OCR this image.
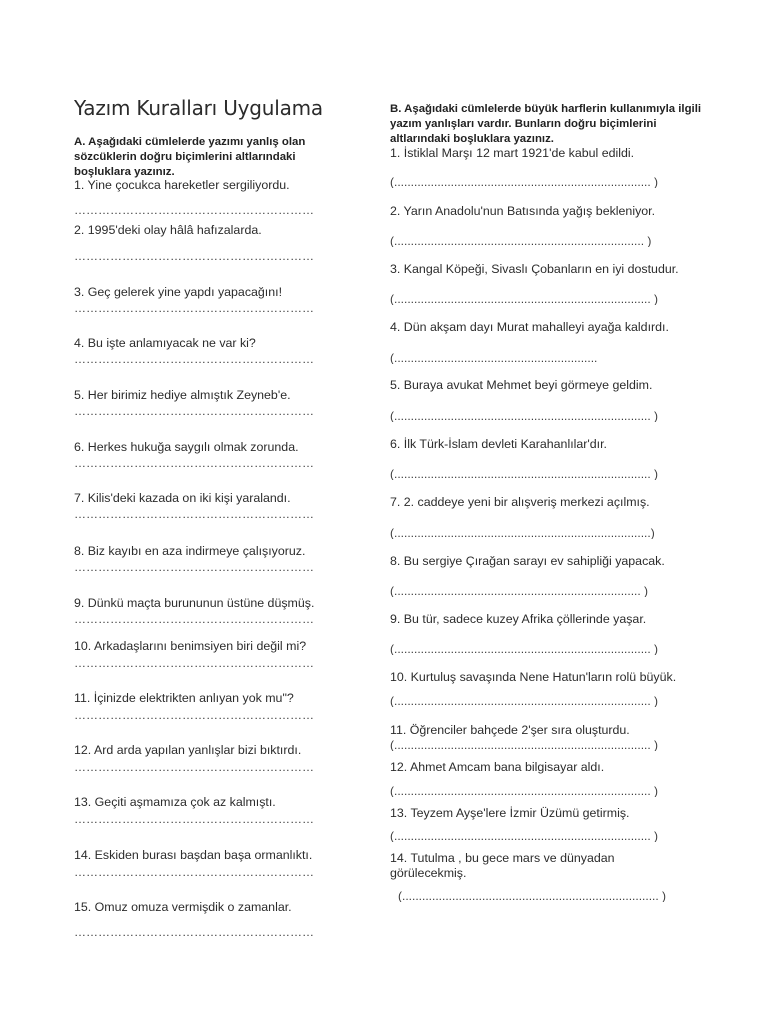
Yazım Kuralları Uygulama

A. Aşağıdaki cümlelerde yazımı yanlış olan sözcüklerin doğru biçimlerini altlarındaki boşluklara yazınız.

1. Yine çocukca hareketler sergiliyordu.
……………………………………………………
2. 1995'deki olay hâlâ hafızalarda.
……………………………………………………
3. Geç gelerek yine yapdı yapacağını!
……………………………………………………
4. Bu işte anlamıyacak ne var ki?
……………………………………………………
5. Her birimiz hediye almıştık Zeyneb'e.
……………………………………………………
6. Herkes hukuğa saygılı olmak zorunda.
……………………………………………………
7. Kilis'deki kazada on iki kişi yaralandı.
……………………………………………………
8. Biz kayıbı en aza indirmeye çalışıyoruz.
……………………………………………………
9. Dünkü maçta burununun üstüne düşmüş.
……………………………………………………
10. Arkadaşlarını benimsiyen biri değil mi?
……………………………………………………
11. İçinizde elektrikten anlıyan yok mu"?
……………………………………………………
12. Ard arda yapılan yanlışlar bizi bıktırdı.
……………………………………………………
13. Geçiti aşmamıza çok az kalmıştı.
……………………………………………………
14. Eskiden burası başdan başa ormanlıktı.
……………………………………………………
15. Omuz omuza vermişdik o zamanlar.
……………………………………………………

B. Aşağıdaki cümlelerde büyük harflerin kullanımıyla ilgili yazım yanlışları vardır. Bunların doğru biçimlerini altlarındaki boşluklara yazınız.

1. İstiklal Marşı 12 mart 1921'de kabul edildi.
(............................................................................. )
2. Yarın Anadolu'nun Batısında yağış bekleniyor.
(........................................................................... )
3. Kangal Köpeği, Sivaslı Çobanların en iyi dostudur.
(............................................................................. )
4. Dün akşam dayı Murat mahalleyi ayağa kaldırdı.
(.............................................................
5. Buraya avukat Mehmet beyi görmeye geldim.
(............................................................................. )
6. İlk Türk-İslam devleti Karahanlılar'dır.
(............................................................................. )
7. 2. caddeye yeni bir alışveriş merkezi açılmış.
(.............................................................................)
8. Bu sergiye Çırağan sarayı ev sahipliği yapacak.
(.......................................................................... )
9. Bu tür, sadece kuzey Afrika çöllerinde yaşar.
(............................................................................. )
10. Kurtuluş savaşında Nene Hatun'ların rolü büyük.
(............................................................................. )
11. Öğrenciler bahçede 2'şer sıra oluşturdu.
(............................................................................. )
12. Ahmet Amcam bana bilgisayar aldı.
(............................................................................. )
13. Teyzem Ayşe'lere İzmir Üzümü getirmiş.
(............................................................................. )
14. Tutulma , bu gece mars ve dünyadan görülecekmiş.
(............................................................................. )
